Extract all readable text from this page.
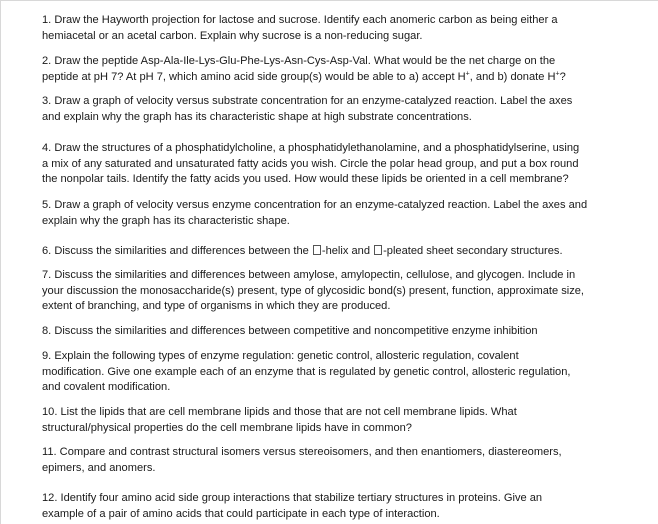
1. Draw the Hayworth projection for lactose and sucrose. Identify each anomeric carbon as being either a
hemiacetal or an acetal carbon. Explain why sucrose is a non-reducing sugar.

2. Draw the peptide Asp-Ala-Ile-Lys-Glu-Phe-Lys-Asn-Cys-Asp-Val. What would be the net charge on the
peptide at pH 7? At pH 7, which amino acid side group(s) would be able to a) accept H+, and b) donate H+?

3. Draw a graph of velocity versus substrate concentration for an enzyme-catalyzed reaction. Label the axes
and explain why the graph has its characteristic shape at high substrate concentrations.

4. Draw the structures of a phosphatidylcholine, a phosphatidylethanolamine, and a phosphatidylserine, using
a mix of any saturated and unsaturated fatty acids you wish. Circle the polar head group, and put a box round
the nonpolar tails. Identify the fatty acids you used. How would these lipids be oriented in a cell membrane?

5. Draw a graph of velocity versus enzyme concentration for an enzyme-catalyzed reaction. Label the axes and
explain why the graph has its characteristic shape.

6. Discuss the similarities and differences between the -helix and -pleated sheet secondary structures.

7. Discuss the similarities and differences between amylose, amylopectin, cellulose, and glycogen. Include in
your discussion the monosaccharide(s) present, type of glycosidic bond(s) present, function, approximate size,
extent of branching, and type of organisms in which they are produced.

8. Discuss the similarities and differences between competitive and noncompetitive enzyme inhibition

9. Explain the following types of enzyme regulation: genetic control, allosteric regulation, covalent
modification. Give one example each of an enzyme that is regulated by genetic control, allosteric regulation,
and covalent modification.

10. List the lipids that are cell membrane lipids and those that are not cell membrane lipids. What
structural/physical properties do the cell membrane lipids have in common?

11. Compare and contrast structural isomers versus stereoisomers, and then enantiomers, diastereomers,
epimers, and anomers.

12. Identify four amino acid side group interactions that stabilize tertiary structures in proteins. Give an
example of a pair of amino acids that could participate in each type of interaction.
